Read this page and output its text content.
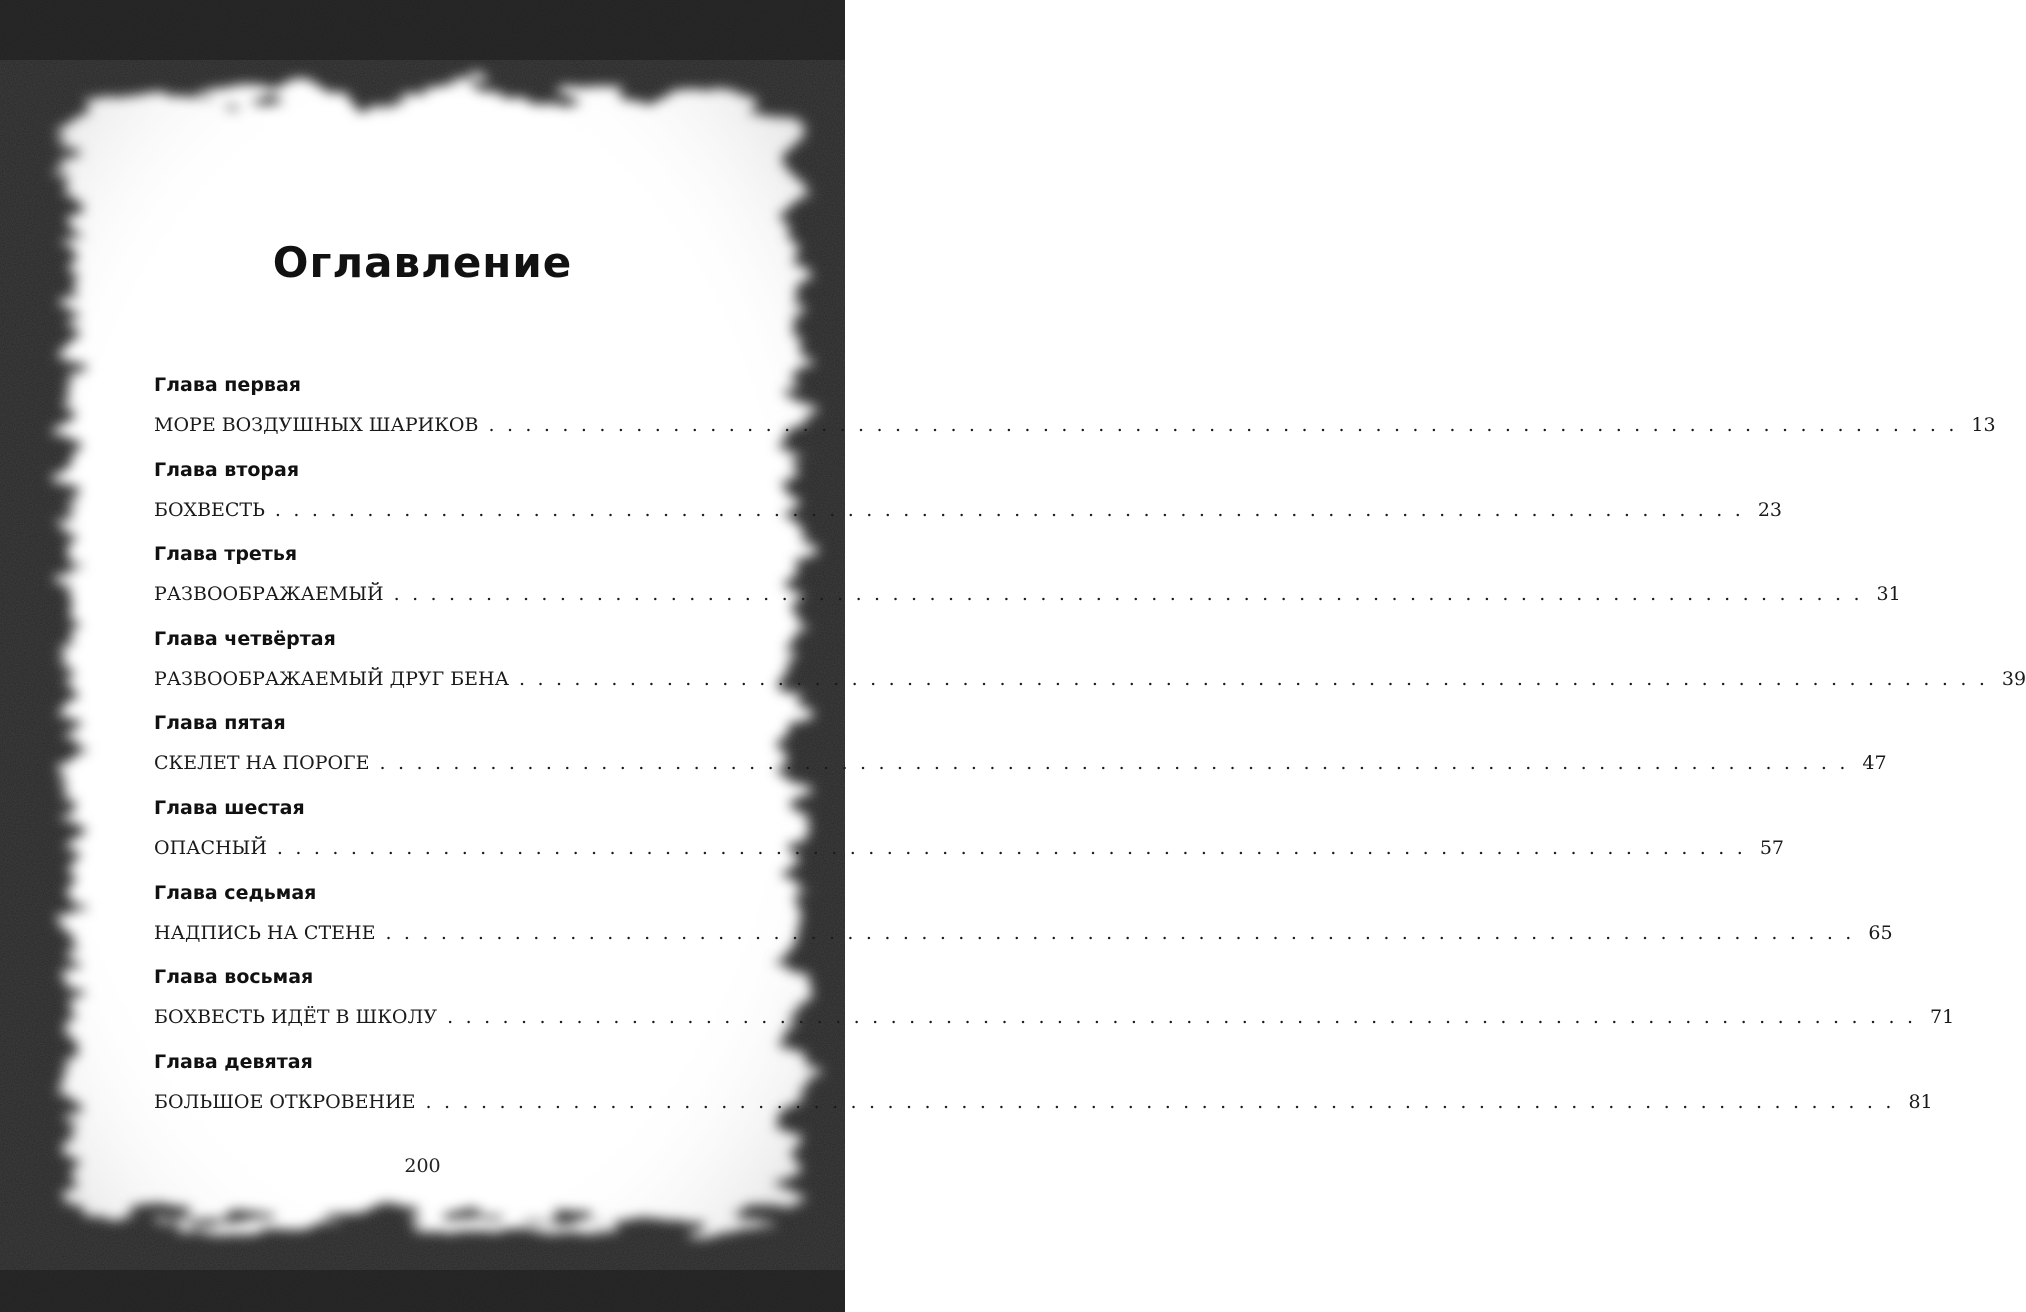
Оглавление
Глава первая
МОРЕ ВОЗДУШНЫХ ШАРИКОВ . . . . . . . . . . . . . . . . . . . . . . . . . . . . . . . . . . . . . . . . . . . . . . . . . . . . . . . . . . . . . . . . . . . . . . . . . . . . . . . . 13
Глава вторая
БОХВЕСТЬ . . . . . . . . . . . . . . . . . . . . . . . . . . . . . . . . . . . . . . . . . . . . . . . . . . . . . . . . . . . . . . . . . . . . . . . . . . . . . . . . 23
Глава третья
РАЗВООБРАЖАЕМЫЙ . . . . . . . . . . . . . . . . . . . . . . . . . . . . . . . . . . . . . . . . . . . . . . . . . . . . . . . . . . . . . . . . . . . . . . . . . . . . . . . . 31
Глава четвёртая
РАЗВООБРАЖАЕМЫЙ ДРУГ БЕНА . . . . . . . . . . . . . . . . . . . . . . . . . . . . . . . . . . . . . . . . . . . . . . . . . . . . . . . . . . . . . . . . . . . . . . . . . . . . . . . . 39
Глава пятая
СКЕЛЕТ НА ПОРОГЕ . . . . . . . . . . . . . . . . . . . . . . . . . . . . . . . . . . . . . . . . . . . . . . . . . . . . . . . . . . . . . . . . . . . . . . . . . . . . . . . . 47
Глава шестая
ОПАСНЫЙ . . . . . . . . . . . . . . . . . . . . . . . . . . . . . . . . . . . . . . . . . . . . . . . . . . . . . . . . . . . . . . . . . . . . . . . . . . . . . . . . 57
Глава седьмая
НАДПИСЬ НА СТЕНЕ . . . . . . . . . . . . . . . . . . . . . . . . . . . . . . . . . . . . . . . . . . . . . . . . . . . . . . . . . . . . . . . . . . . . . . . . . . . . . . . . 65
Глава восьмая
БОХВЕСТЬ ИДЁТ В ШКОЛУ . . . . . . . . . . . . . . . . . . . . . . . . . . . . . . . . . . . . . . . . . . . . . . . . . . . . . . . . . . . . . . . . . . . . . . . . . . . . . . . . 71
Глава девятая
БОЛЬШОЕ ОТКРОВЕНИЕ . . . . . . . . . . . . . . . . . . . . . . . . . . . . . . . . . . . . . . . . . . . . . . . . . . . . . . . . . . . . . . . . . . . . . . . . . . . . . . . . 81
200
